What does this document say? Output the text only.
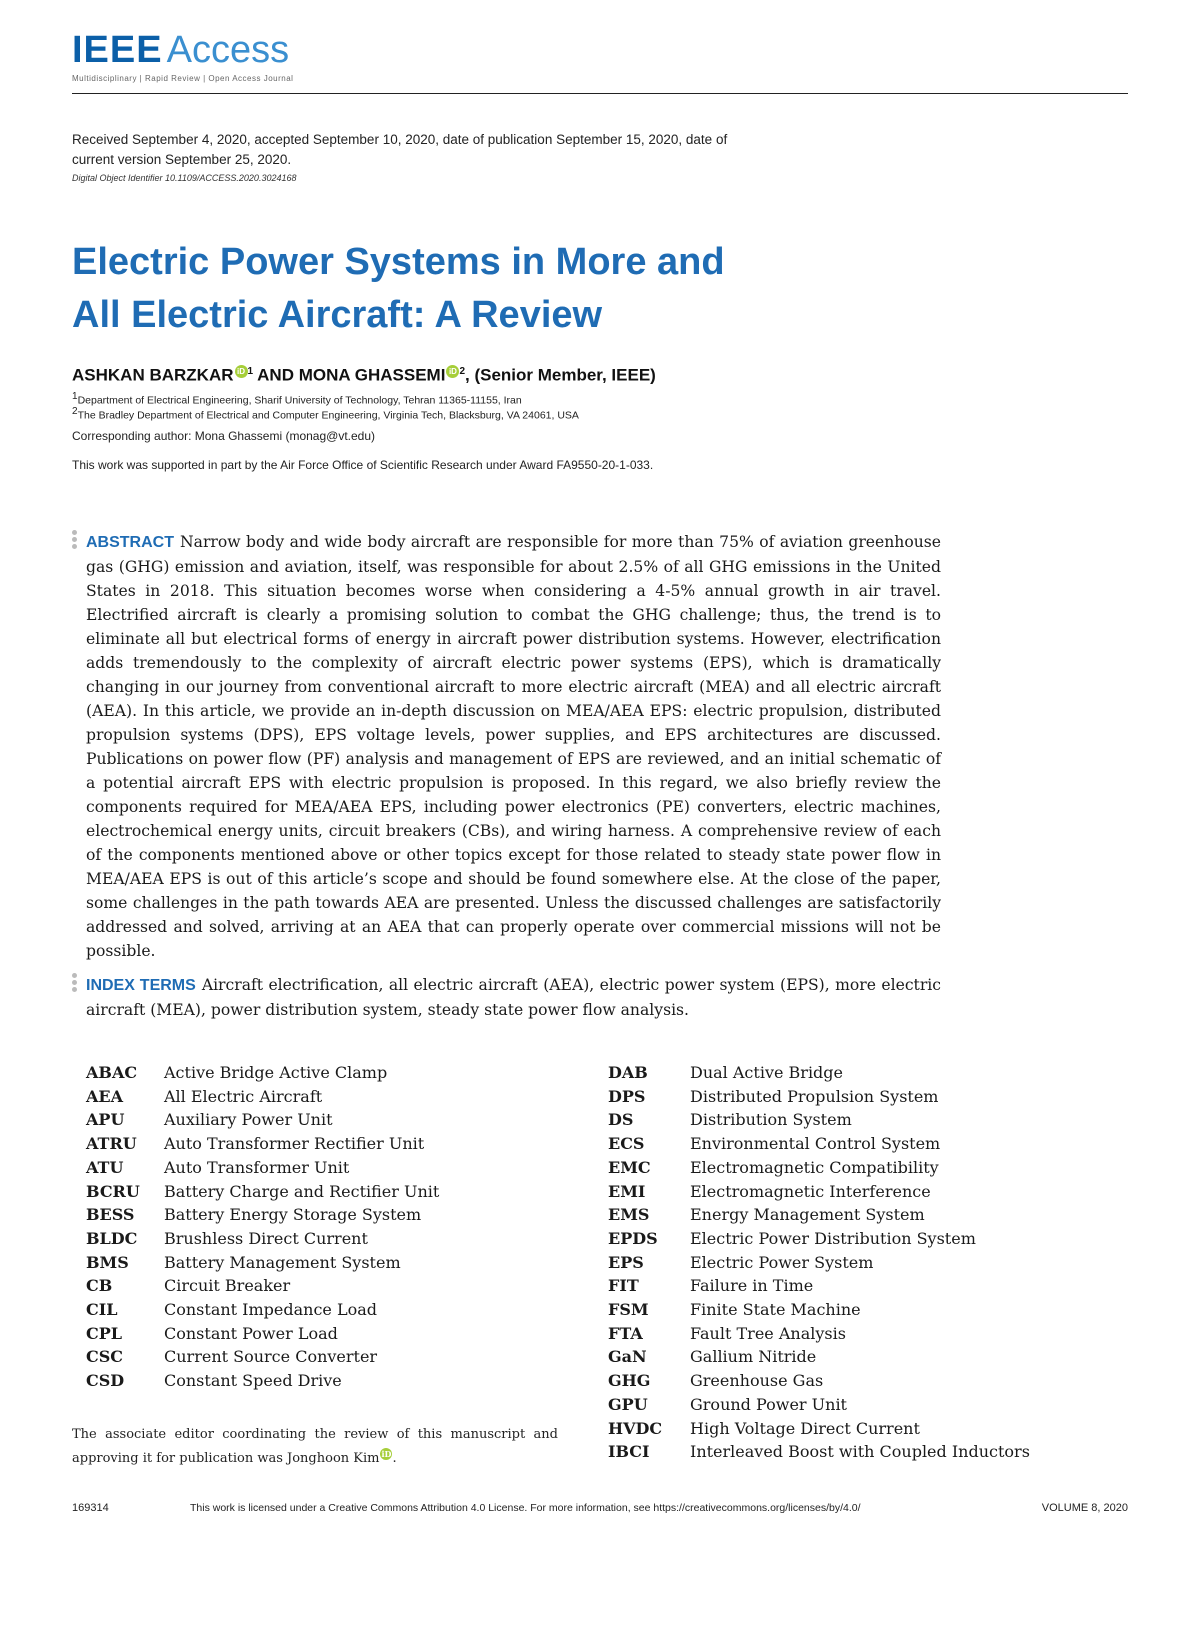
IEEE Access
Multidisciplinary | Rapid Review | Open Access Journal
Received September 4, 2020, accepted September 10, 2020, date of publication September 15, 2020, date of current version September 25, 2020.
Digital Object Identifier 10.1109/ACCESS.2020.3024168
Electric Power Systems in More and
All Electric Aircraft: A Review
ASHKAN BARZKAR iD $^1$ AND MONA GHASSEMI iD $^2$, (Senior Member, IEEE)
$^1$Department of Electrical Engineering, Sharif University of Technology, Tehran 11365-11155, Iran
$^2$The Bradley Department of Electrical and Computer Engineering, Virginia Tech, Blacksburg, VA 24061, USA
Corresponding author: Mona Ghassemi (monag@vt.edu)
This work was supported in part by the Air Force Office of Scientific Research under Award FA9550-20-1-033.
ABSTRACT Narrow body and wide body aircraft are responsible for more than 75% of aviation greenhouse gas (GHG) emission and aviation, itself, was responsible for about 2.5% of all GHG emissions in the United States in 2018. This situation becomes worse when considering a 4-5% annual growth in air travel. Electrified aircraft is clearly a promising solution to combat the GHG challenge; thus, the trend is to eliminate all but electrical forms of energy in aircraft power distribution systems. However, electrification adds tremendously to the complexity of aircraft electric power systems (EPS), which is dramatically changing in our journey from conventional aircraft to more electric aircraft (MEA) and all electric aircraft (AEA). In this article, we provide an in-depth discussion on MEA/AEA EPS: electric propulsion, distributed propulsion systems (DPS), EPS voltage levels, power supplies, and EPS architectures are discussed. Publications on power flow (PF) analysis and management of EPS are reviewed, and an initial schematic of a potential aircraft EPS with electric propulsion is proposed. In this regard, we also briefly review the components required for MEA/AEA EPS, including power electronics (PE) converters, electric machines, electrochemical energy units, circuit breakers (CBs), and wiring harness. A comprehensive review of each of the components mentioned above or other topics except for those related to steady state power flow in MEA/AEA EPS is out of this article’s scope and should be found somewhere else. At the close of the paper, some challenges in the path towards AEA are presented. Unless the discussed challenges are satisfactorily addressed and solved, arriving at an AEA that can properly operate over commercial missions will not be possible.
INDEX TERMS Aircraft electrification, all electric aircraft (AEA), electric power system (EPS), more electric aircraft (MEA), power distribution system, steady state power flow analysis.
ABAC	Active Bridge Active Clamp
AEA	All Electric Aircraft
APU	Auxiliary Power Unit
ATRU	Auto Transformer Rectifier Unit
ATU	Auto Transformer Unit
BCRU	Battery Charge and Rectifier Unit
BESS	Battery Energy Storage System
BLDC	Brushless Direct Current
BMS	Battery Management System
CB	Circuit Breaker
CIL	Constant Impedance Load
CPL	Constant Power Load
CSC	Current Source Converter
CSD	Constant Speed Drive
DAB	Dual Active Bridge
DPS	Distributed Propulsion System
DS	Distribution System
ECS	Environmental Control System
EMC	Electromagnetic Compatibility
EMI	Electromagnetic Interference
EMS	Energy Management System
EPDS	Electric Power Distribution System
EPS	Electric Power System
FIT	Failure in Time
FSM	Finite State Machine
FTA	Fault Tree Analysis
GaN	Gallium Nitride
GHG	Greenhouse Gas
GPU	Ground Power Unit
HVDC	High Voltage Direct Current
IBCI	Interleaved Boost with Coupled Inductors
The associate editor coordinating the review of this manuscript and approving it for publication was Jonghoon Kim iD.
169314	This work is licensed under a Creative Commons Attribution 4.0 License. For more information, see https://creativecommons.org/licenses/by/4.0/	VOLUME 8, 2020
